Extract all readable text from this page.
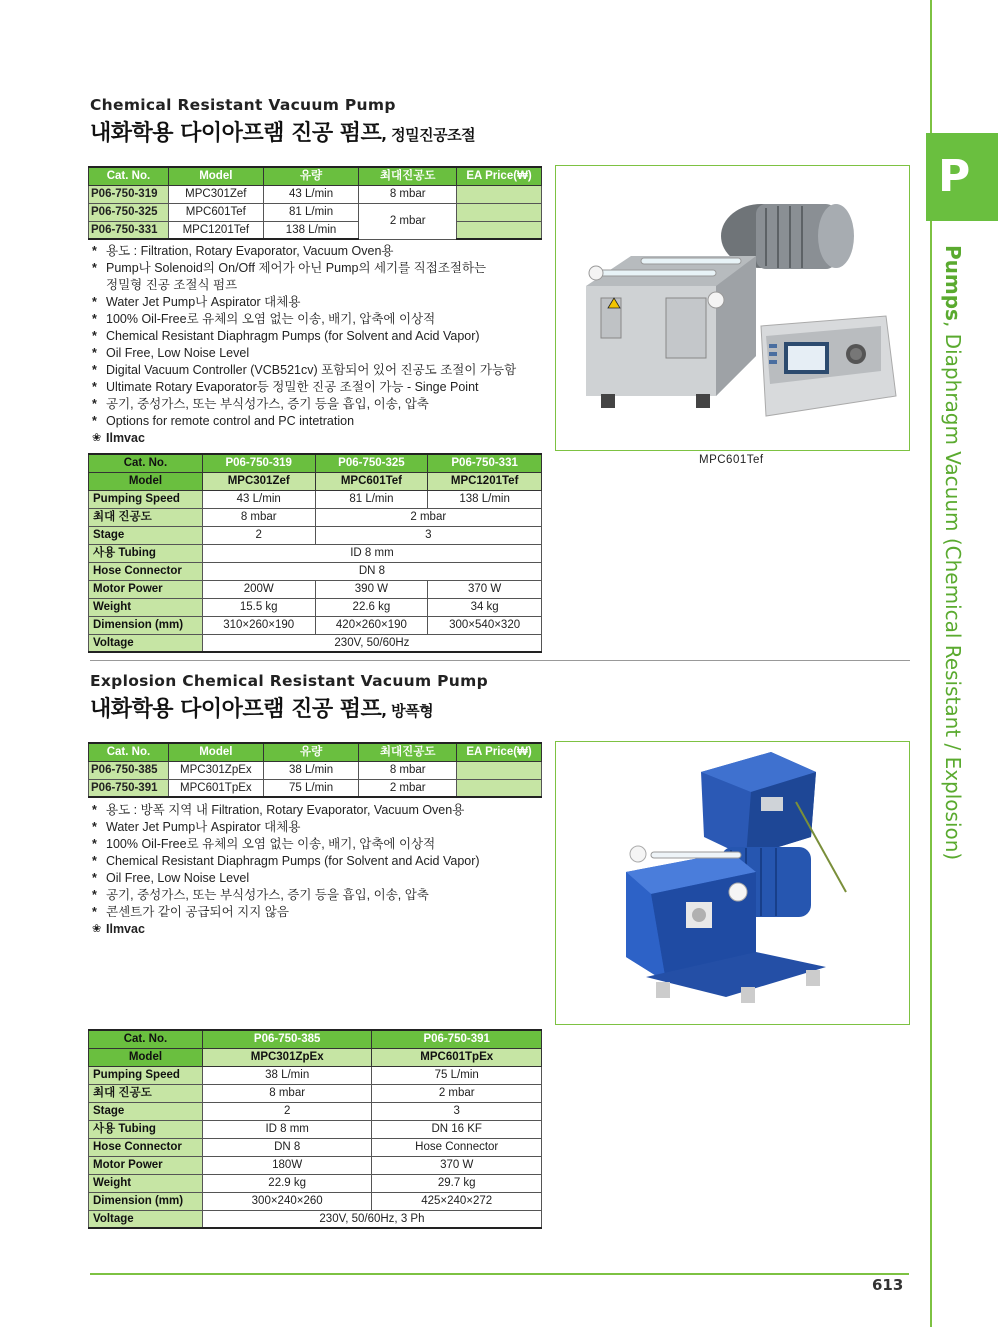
P
Pumps, Diaphragm Vacuum (Chemical Resistant / Explosion)
Chemical Resistant Vacuum Pump
내화학용 다이아프램 진공 펌프, 정밀진공조절
Cat. No.	Model	유량	최대진공도	EA Price(₩)
P06-750-319	MPC301Zef	43 L/min	8 mbar	
P06-750-325	MPC601Tef	81 L/min	2 mbar	
P06-750-331	MPC1201Tef	138 L/min		
* 용도 : Filtration, Rotary Evaporator, Vacuum Oven용
* Pump나 Solenoid의 On/Off 제어가 아닌 Pump의 세기를 직접조절하는
정밀형 진공 조절식 펌프
* Water Jet Pump나 Aspirator 대체용
* 100% Oil-Free로 유체의 오염 없는 이송, 배기, 압축에 이상적
* Chemical Resistant Diaphragm Pumps (for Solvent and Acid Vapor)
* Oil Free, Low Noise Level
* Digital Vacuum Controller (VCB521cv) 포함되어 있어 진공도 조절이 가능함
* Ultimate Rotary Evaporator등 정밀한 진공 조절이 가능 - Singe Point
* 공기, 중성가스, 또는 부식성가스, 증기 등을 흡입, 이송, 압축
* Options for remote control and PC intetration
❀ Ilmvac
MPC601Tef
Cat. No.	P06-750-319	P06-750-325	P06-750-331
Model	MPC301Zef	MPC601Tef	MPC1201Tef
Pumping Speed	43 L/min	81 L/min	138 L/min
최대 진공도	8 mbar	2 mbar	
Stage	2	3	
사용 Tubing	ID 8 mm		
Hose Connector	DN 8		
Motor Power	200W	390 W	370 W
Weight	15.5 kg	22.6 kg	34 kg
Dimension (mm)	310×260×190	420×260×190	300×540×320
Voltage	230V, 50/60Hz		
Explosion Chemical Resistant Vacuum Pump
내화학용 다이아프램 진공 펌프, 방폭형
Cat. No.	Model	유량	최대진공도	EA Price(₩)
P06-750-385	MPC301ZpEx	38 L/min	8 mbar	
P06-750-391	MPC601TpEx	75 L/min	2 mbar	
* 용도 : 방폭 지역 내 Filtration, Rotary Evaporator, Vacuum Oven용
* Water Jet Pump나 Aspirator 대체용
* 100% Oil-Free로 유체의 오염 없는 이송, 배기, 압축에 이상적
* Chemical Resistant Diaphragm Pumps (for Solvent and Acid Vapor)
* Oil Free, Low Noise Level
* 공기, 중성가스, 또는 부식성가스, 증기 등을 흡입, 이송, 압축
* 콘센트가 같이 공급되어 지지 않음
❀ Ilmvac
Cat. No.	P06-750-385	P06-750-391
Model	MPC301ZpEx	MPC601TpEx
Pumping Speed	38 L/min	75 L/min
최대 진공도	8 mbar	2 mbar
Stage	2	3
사용 Tubing	ID 8 mm	DN 16 KF
Hose Connector	DN 8	Hose Connector
Motor Power	180W	370 W
Weight	22.9 kg	29.7 kg
Dimension (mm)	300×240×260	425×240×272
Voltage	230V, 50/60Hz, 3 Ph	
613
